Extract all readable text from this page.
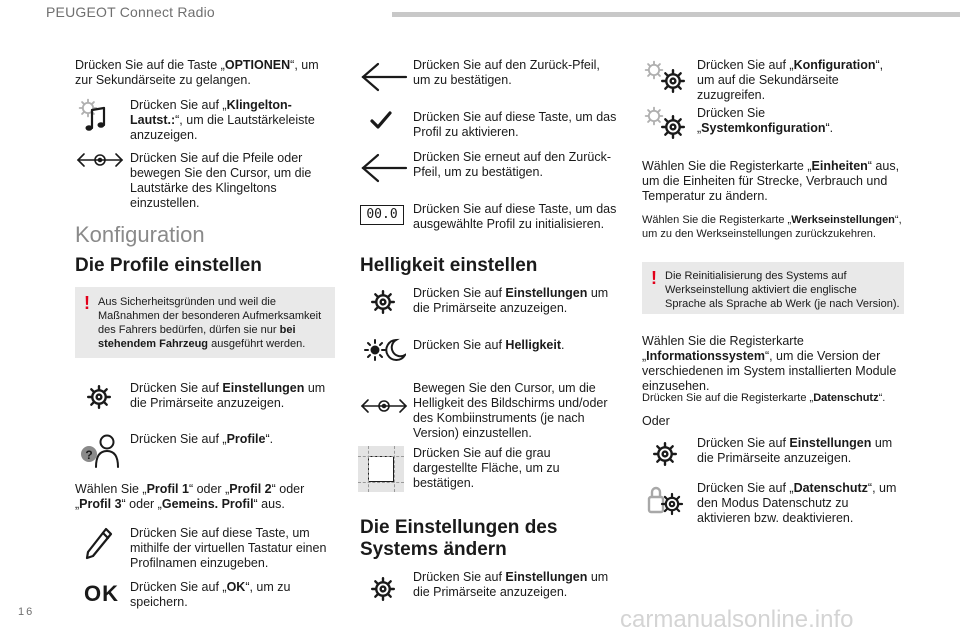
PEUGEOT Connect Radio
Drücken Sie auf die Taste „OPTIONEN“, um zur Sekundärseite zu gelangen.
Drücken Sie auf „Klingelton-Lautst.:“, um die Lautstärkeleiste anzuzeigen.
Drücken Sie auf die Pfeile oder bewegen Sie den Cursor, um die Lautstärke des Klingeltons einzustellen.
Konfiguration
Die Profile einstellen
! Aus Sicherheitsgründen und weil die Maßnahmen der besonderen Aufmerksamkeit des Fahrers bedürfen, dürfen sie nur bei stehendem Fahrzeug ausgeführt werden.
Drücken Sie auf Einstellungen um die Primärseite anzuzeigen.
?
Drücken Sie auf „Profile“.
Wählen Sie „Profil 1“ oder „Profil 2“ oder „Profil 3“ oder „Gemeins. Profil“ aus.
Drücken Sie auf diese Taste, um mithilfe der virtuellen Tastatur einen Profilnamen einzugeben.
OK Drücken Sie auf „OK“, um zu speichern.
Drücken Sie auf den Zurück-Pfeil, um zu bestätigen.
Drücken Sie auf diese Taste, um das Profil zu aktivieren.
Drücken Sie erneut auf den Zurück-Pfeil, um zu bestätigen.
00.0	Drücken Sie auf diese Taste, um das ausgewählte Profil zu initialisieren.
Helligkeit einstellen
Drücken Sie auf Einstellungen um die Primärseite anzuzeigen.
Drücken Sie auf Helligkeit.
Bewegen Sie den Cursor, um die Helligkeit des Bildschirms und/oder des Kombiinstruments (je nach Version) einzustellen.
Drücken Sie auf die grau dargestellte Fläche, um zu bestätigen.
Die Einstellungen des Systems ändern
Drücken Sie auf Einstellungen um die Primärseite anzuzeigen.
Drücken Sie auf „Konfiguration“, um auf die Sekundärseite zuzugreifen.
Drücken Sie „Systemkonfiguration“.
Wählen Sie die Registerkarte „Einheiten“ aus, um die Einheiten für Strecke, Verbrauch und Temperatur zu ändern.
Wählen Sie die Registerkarte „Werkseinstellungen“, um zu den Werkseinstellungen zurückzukehren.
! Die Reinitialisierung des Systems auf Werkseinstellung aktiviert die englische Sprache als Sprache ab Werk (je nach Version).
Wählen Sie die Registerkarte „Informationssystem“, um die Version der verschiedenen im System installierten Module einzusehen.
Drücken Sie auf die Registerkarte „Datenschutz“.
Oder
Drücken Sie auf Einstellungen um die Primärseite anzuzeigen.
Drücken Sie auf „Datenschutz“, um den Modus Datenschutz zu aktivieren bzw. deaktivieren.
16	carmanualsonline.info
